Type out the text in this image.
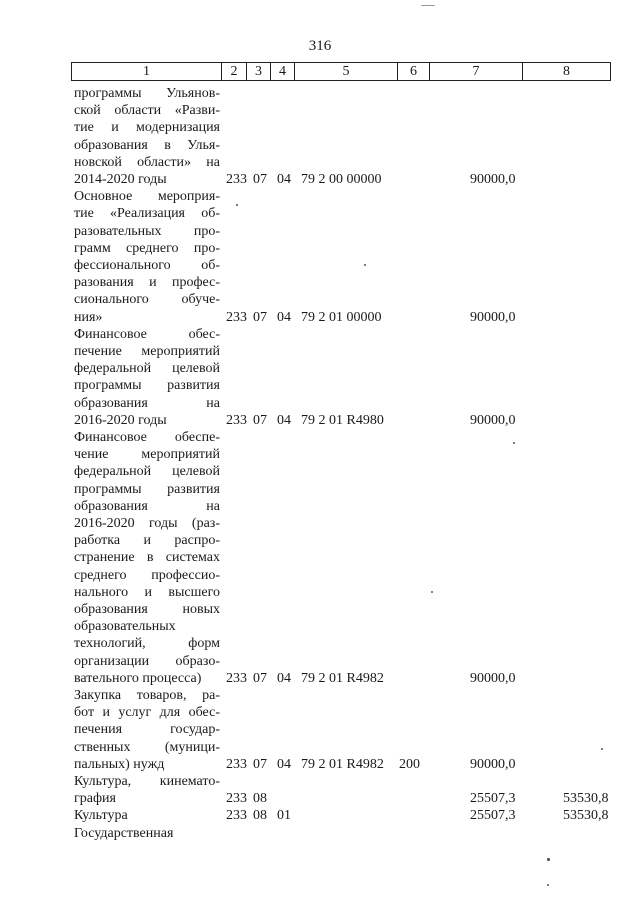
316
1	2	3	4	5	6	7	8
программы Ульянов-
ской области «Разви-
тие и модернизация
образования в Улья-
новской области» на
2014-2020 годы	233 07 04 79 2 00 00000	90000,0
Основное мероприя-
тие «Реализация об-
разовательных про-
грамм среднего про-
фессионального об-
разования и профес-
сионального обуче-
ния»	233 07 04 79 2 01 00000	90000,0
Финансовое обес-
печение мероприятий
федеральной целевой
программы развития
образования на
2016-2020 годы	233 07 04 79 2 01 R4980	90000,0
Финансовое обеспе-
чение мероприятий
федеральной целевой
программы развития
образования на
2016-2020 годы (раз-
работка и распро-
странение в системах
среднего профессио-
нального и высшего
образования новых
образовательных
технологий, форм
организации образо-
вательного процесса)	233 07 04 79 2 01 R4982	90000,0
Закупка товаров, ра-
бот и услуг для обес-
печения государ-
ственных (муници-
пальных) нужд	233 07 04 79 2 01 R4982 200	90000,0
Культура, кинемато-
графия	233 08	25507,3	53530,8
Культура	233 08 01	25507,3	53530,8
Государственная
